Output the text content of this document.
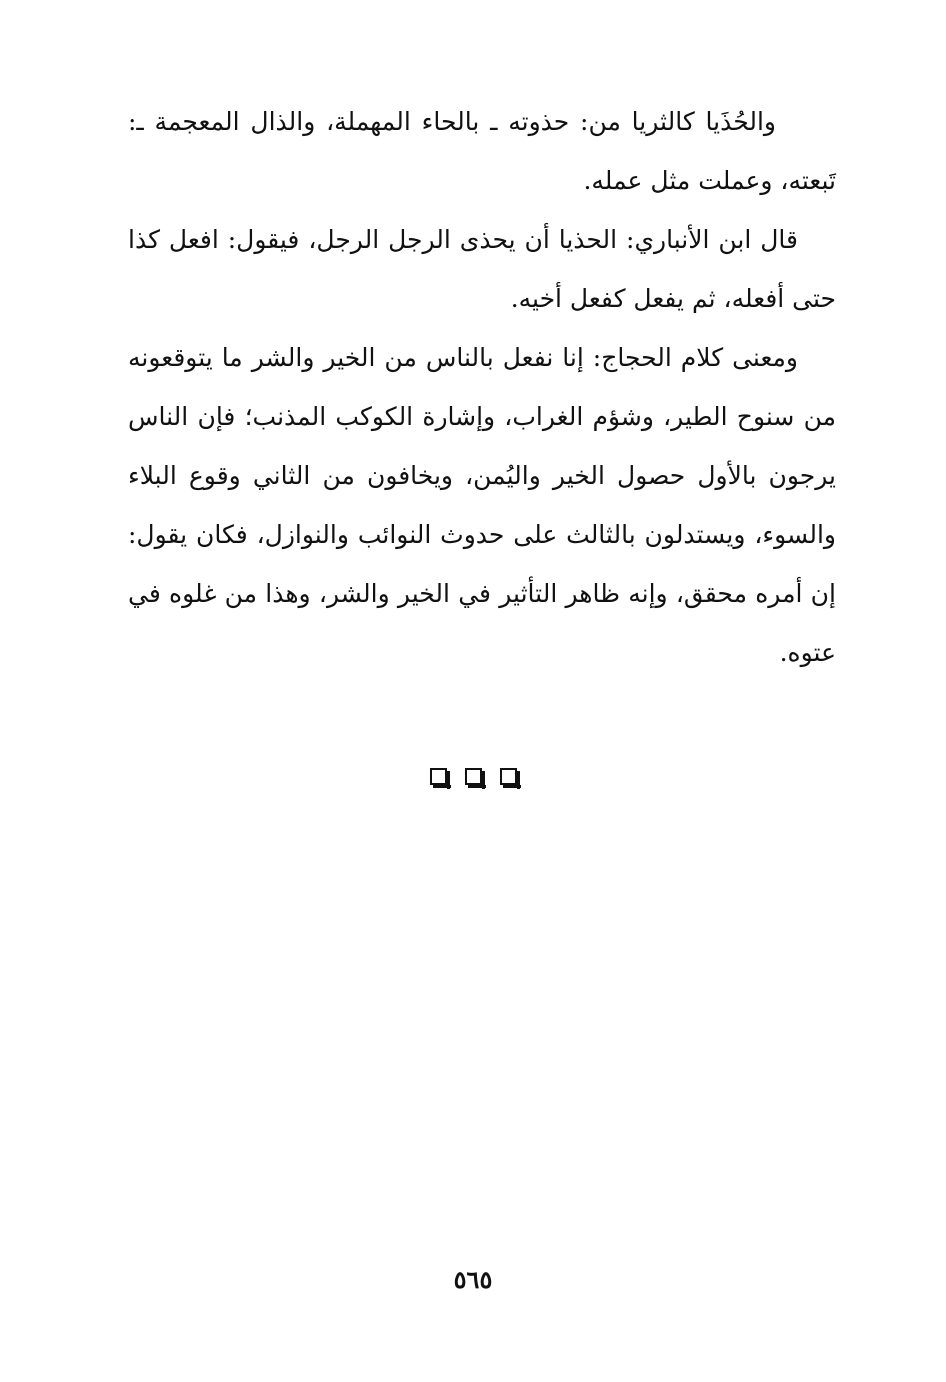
والحُذَيا كالثريا من: حذوته ـ بالحاء المهملة، والذال المعجمة ـ: تَبعته، وعملت مثل عمله.

قال ابن الأنباري: الحذيا أن يحذى الرجل الرجل، فيقول: افعل كذا حتى أفعله، ثم يفعل كفعل أخيه.

ومعنى كلام الحجاج: إنا نفعل بالناس من الخير والشر ما يتوقعونه من سنوح الطير، وشؤم الغراب، وإشارة الكوكب المذنب؛ فإن الناس يرجون بالأول حصول الخير واليُمن، ويخافون من الثاني وقوع البلاء والسوء، ويستدلون بالثالث على حدوث النوائب والنوازل، فكان يقول: إن أمره محقق، وإنه ظاهر التأثير في الخير والشر، وهذا من غلوه في عتوه.

٥٦٥
